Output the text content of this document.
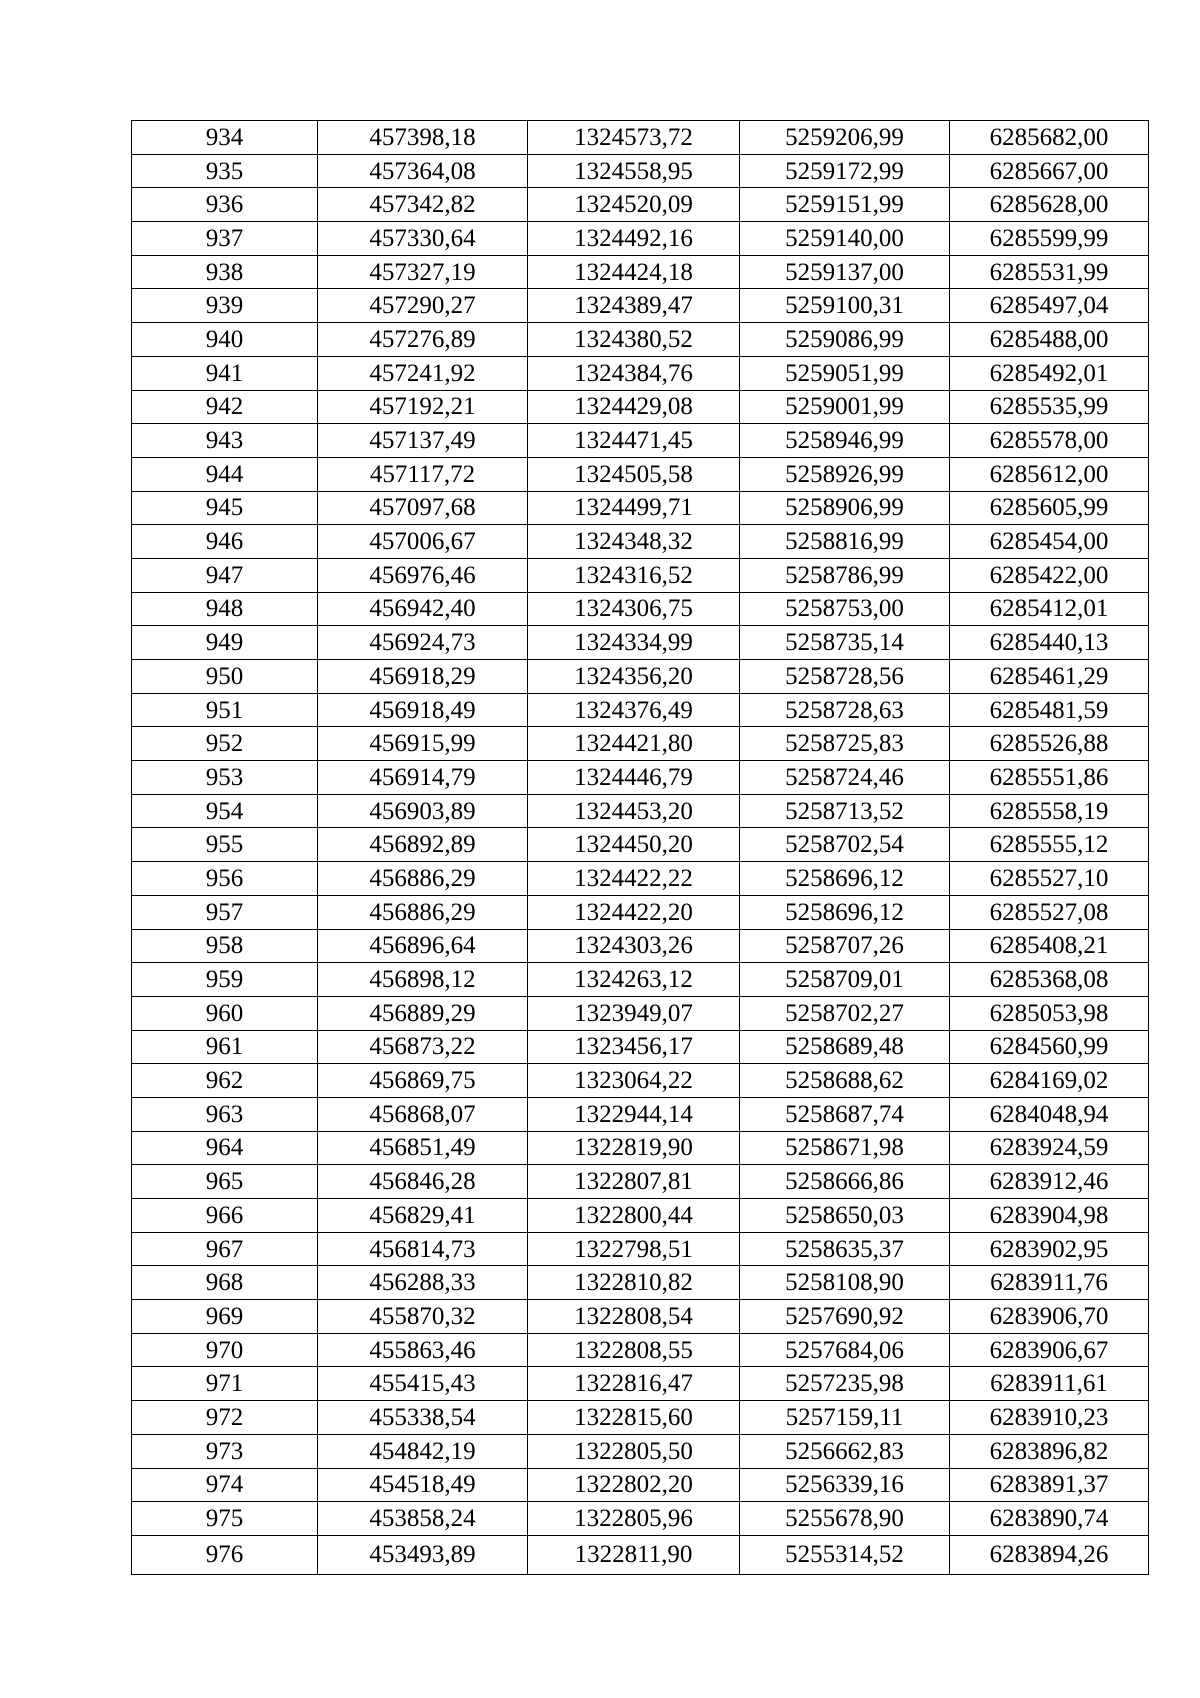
934	457398,18	1324573,72	5259206,99	6285682,00
935	457364,08	1324558,95	5259172,99	6285667,00
936	457342,82	1324520,09	5259151,99	6285628,00
937	457330,64	1324492,16	5259140,00	6285599,99
938	457327,19	1324424,18	5259137,00	6285531,99
939	457290,27	1324389,47	5259100,31	6285497,04
940	457276,89	1324380,52	5259086,99	6285488,00
941	457241,92	1324384,76	5259051,99	6285492,01
942	457192,21	1324429,08	5259001,99	6285535,99
943	457137,49	1324471,45	5258946,99	6285578,00
944	457117,72	1324505,58	5258926,99	6285612,00
945	457097,68	1324499,71	5258906,99	6285605,99
946	457006,67	1324348,32	5258816,99	6285454,00
947	456976,46	1324316,52	5258786,99	6285422,00
948	456942,40	1324306,75	5258753,00	6285412,01
949	456924,73	1324334,99	5258735,14	6285440,13
950	456918,29	1324356,20	5258728,56	6285461,29
951	456918,49	1324376,49	5258728,63	6285481,59
952	456915,99	1324421,80	5258725,83	6285526,88
953	456914,79	1324446,79	5258724,46	6285551,86
954	456903,89	1324453,20	5258713,52	6285558,19
955	456892,89	1324450,20	5258702,54	6285555,12
956	456886,29	1324422,22	5258696,12	6285527,10
957	456886,29	1324422,20	5258696,12	6285527,08
958	456896,64	1324303,26	5258707,26	6285408,21
959	456898,12	1324263,12	5258709,01	6285368,08
960	456889,29	1323949,07	5258702,27	6285053,98
961	456873,22	1323456,17	5258689,48	6284560,99
962	456869,75	1323064,22	5258688,62	6284169,02
963	456868,07	1322944,14	5258687,74	6284048,94
964	456851,49	1322819,90	5258671,98	6283924,59
965	456846,28	1322807,81	5258666,86	6283912,46
966	456829,41	1322800,44	5258650,03	6283904,98
967	456814,73	1322798,51	5258635,37	6283902,95
968	456288,33	1322810,82	5258108,90	6283911,76
969	455870,32	1322808,54	5257690,92	6283906,70
970	455863,46	1322808,55	5257684,06	6283906,67
971	455415,43	1322816,47	5257235,98	6283911,61
972	455338,54	1322815,60	5257159,11	6283910,23
973	454842,19	1322805,50	5256662,83	6283896,82
974	454518,49	1322802,20	5256339,16	6283891,37
975	453858,24	1322805,96	5255678,90	6283890,74
976	453493,89	1322811,90	5255314,52	6283894,26
